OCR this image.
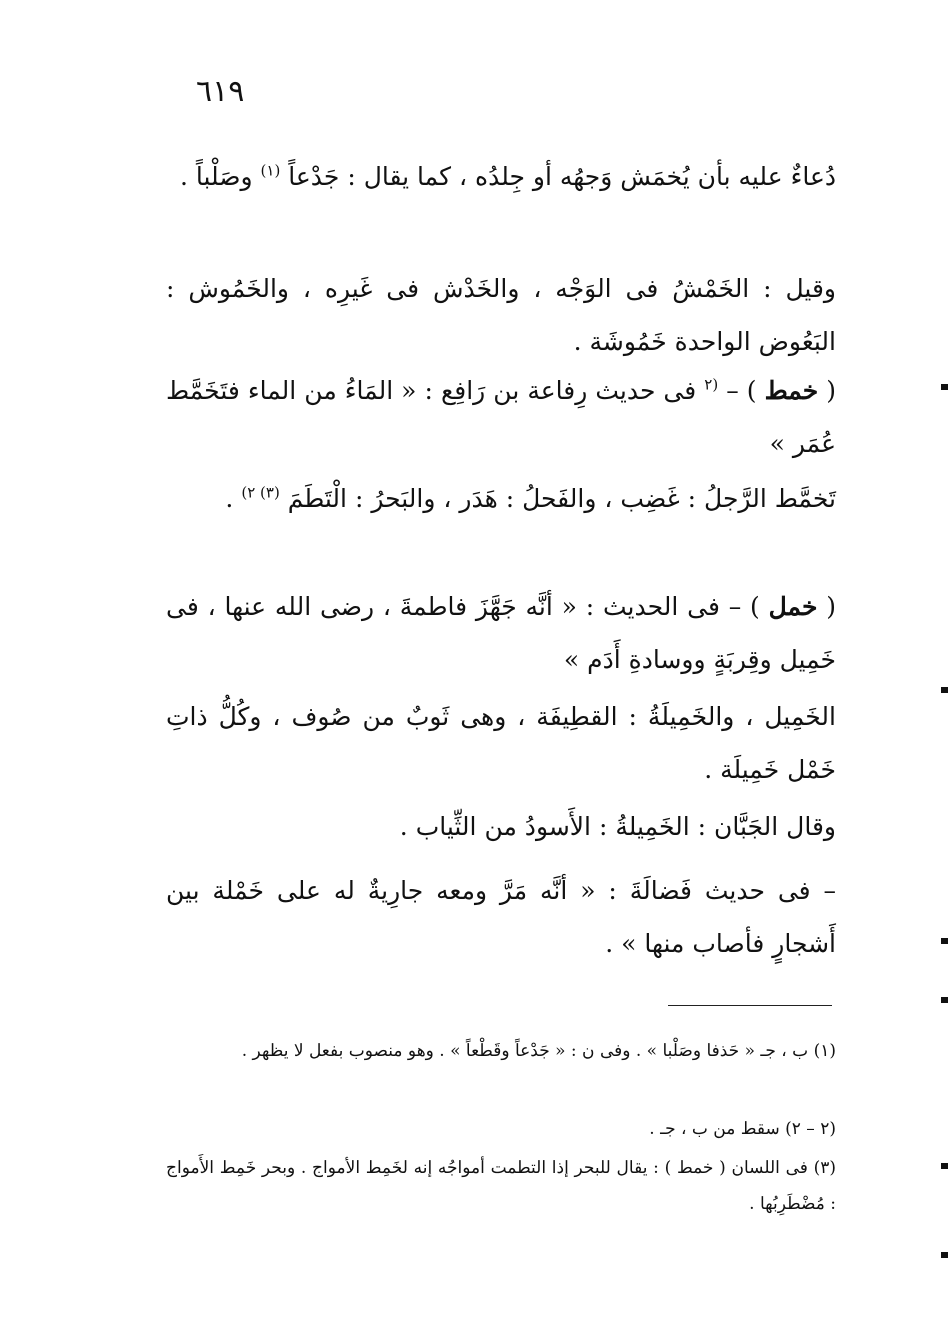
٦١٩
دُعاءٌ عليه بأن يُخمَش وَجهُه أو جِلدُه ، كما يقال : جَدْعاً $^{(١)}$ وصَلْباً .
وقيل : الخَمْشُ فى الوَجْه ، والخَدْش فى غَيرِه ، والخَمُوش : البَعُوض الواحدة خَمُوشَة .
( خمط ) – $^{(٢}$ فى حديث رِفاعة بن رَافِع : « المَاءُ من الماء فتَخَمَّط عُمَر »
تَخمَّط الرَّجلُ : غَضِب ، والفَحلُ : هَدَر ، والبَحرُ : الْتَطَمَ $^{(٣) ٢)}$ .
( خمل ) – فى الحديث : « أنَّه جَهَّزَ فاطمةَ ، رضى الله عنها ، فى خَمِيل وقِربَةٍ ووسادةِ أَدَم »
الخَمِيل ، والخَمِيلَةُ : القطِيفَة ، وهى ثَوبٌ من صُوف ، وكُلُّ ذاتِ خَمْل خَمِيلَة .
وقال الجَبَّان : الخَمِيلةُ : الأَسودُ من الثِّياب .
– فى حديث فَضالَةَ : « أنَّه مَرَّ ومعه جارِيةٌ له على خَمْلة بين أَشجارٍ فأصاب منها » .
(١) ب ، جـ « حَذفا وصَلْبا » . وفى ن : « جَدْعاً وقَطْعاً » . وهو منصوب بفعل لا يظهر .
(٢ – ٢) سقط من ب ، جـ .
(٣) فى اللسان ( خمط ) : يقال للبحر إذا التطمت أمواجُه إنه لخَمِط الأمواج . وبحر خَمِط الأَمواج : مُضْطَرِبُها .
